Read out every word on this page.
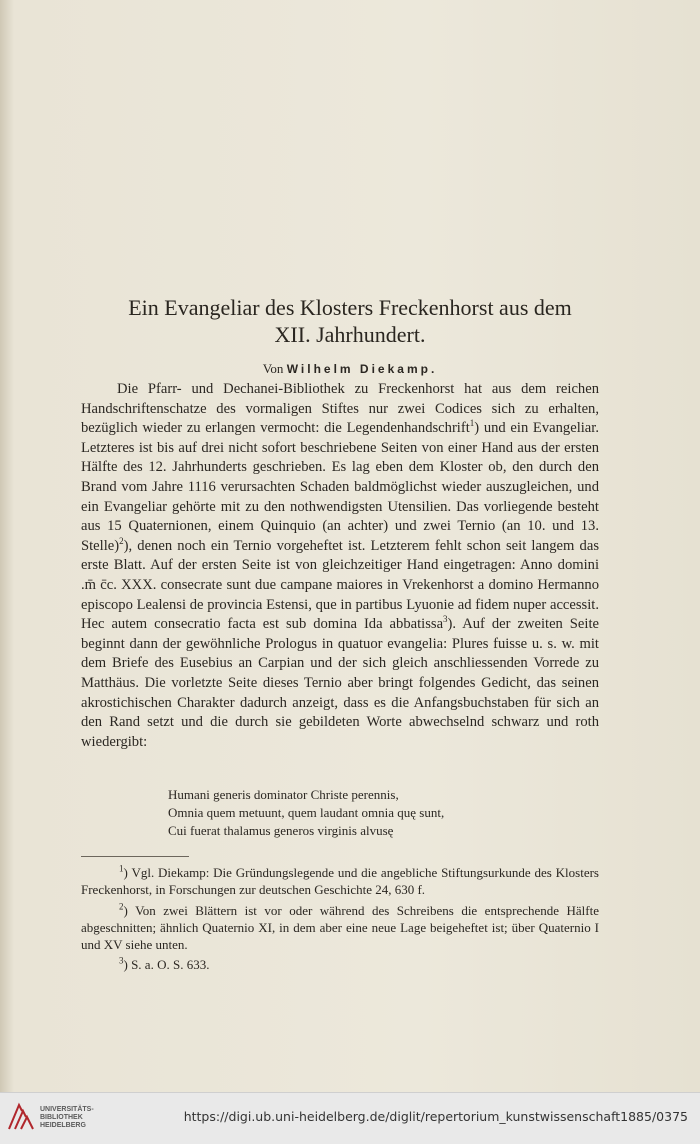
Ein Evangeliar des Klosters Freckenhorst aus dem
XII. Jahrhundert.
Von Wilhelm Diekamp.

Die Pfarr- und Dechanei-Bibliothek zu Freckenhorst hat aus dem reichen Handschriftenschatze des vormaligen Stiftes nur zwei Codices sich zu erhalten, bezüglich wieder zu erlangen vermocht: die Legendenhandschrift$^1$) und ein Evangeliar. Letzteres ist bis auf drei nicht sofort beschriebene Seiten von einer Hand aus der ersten Hälfte des 12. Jahrhunderts geschrieben. Es lag eben dem Kloster ob, den durch den Brand vom Jahre 1116 verursachten Schaden baldmöglichst wieder auszugleichen, und ein Evangeliar gehörte mit zu den nothwendigsten Utensilien. Das vorliegende besteht aus 15 Quaternionen, einem Quinquio (an achter) und zwei Ternio (an 10. und 13. Stelle)$^2$), denen noch ein Ternio vorgeheftet ist. Letzterem fehlt schon seit langem das erste Blatt. Auf der ersten Seite ist von gleichzeitiger Hand eingetragen: Anno domini .m̄ c̄c. XXX. consecrate sunt due campane maiores in Vrekenhorst a domino Hermanno episcopo Lealensi de provincia Estensi, que in partibus Lyuonie ad fidem nuper accessit. Hec autem consecratio facta est sub domina Ida abbatissa$^3$). Auf der zweiten Seite beginnt dann der gewöhnliche Prologus in quatuor evangelia: Plures fuisse u. s. w. mit dem Briefe des Eusebius an Carpian und der sich gleich anschliessenden Vorrede zu Matthäus. Die vorletzte Seite dieses Ternio aber bringt folgendes Gedicht, das seinen akrostichischen Charakter dadurch anzeigt, dass es die Anfangsbuchstaben für sich an den Rand setzt und die durch sie gebildeten Worte abwechselnd schwarz und roth wiedergibt:

Humani generis dominator Christe perennis,
Omnia quem metuunt, quem laudant omnia quę sunt,
Cui fuerat thalamus generos virginis alvusę

$^1$) Vgl. Diekamp: Die Gründungslegende und die angebliche Stiftungsurkunde des Klosters Freckenhorst, in Forschungen zur deutschen Geschichte 24, 630 f.

$^2$) Von zwei Blättern ist vor oder während des Schreibens die entsprechende Hälfte abgeschnitten; ähnlich Quaternio XI, in dem aber eine neue Lage beigeheftet ist; über Quaternio I und XV siehe unten.

$^3$) S. a. O. S. 633.

UNIVERSITÄTS-
BIBLIOTHEK
HEIDELBERG
https://digi.ub.uni-heidelberg.de/diglit/repertorium_kunstwissenschaft1885/0375
